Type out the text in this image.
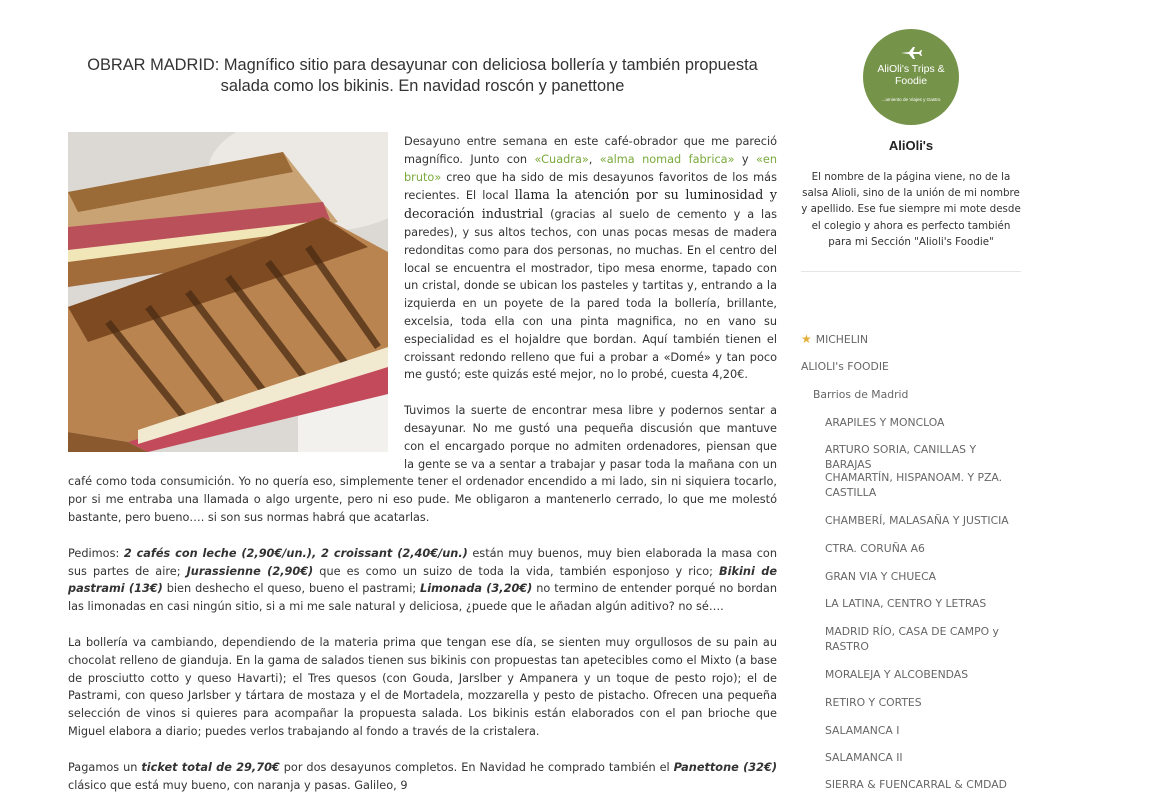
OBRAR MADRID: Magnífico sitio para desayunar con deliciosa bollería y también propuesta salada como los bikinis. En navidad roscón y panettone

Desayuno entre semana en este café-obrador que me pareció magnífico. Junto con «Cuadra», «alma nomad fabrica» y «en bruto» creo que ha sido de mis desayunos favoritos de los más recientes. El local llama la atención por su luminosidad y decoración industrial (gracias al suelo de cemento y a las paredes), y sus altos techos, con unas pocas mesas de madera redonditas como para dos personas, no muchas. En el centro del local se encuentra el mostrador, tipo mesa enorme, tapado con un cristal, donde se ubican los pasteles y tartitas y, entrando a la izquierda en un poyete de la pared toda la bollería, brillante, excelsia, toda ella con una pinta magnifica, no en vano su especialidad es el hojaldre que bordan. Aquí también tienen el croissant redondo relleno que fui a probar a «Domé» y tan poco me gustó; este quizás esté mejor, no lo probé, cuesta 4,20€.

Tuvimos la suerte de encontrar mesa libre y podernos sentar a desayunar. No me gustó una pequeña discusión que mantuve con el encargado porque no admiten ordenadores, piensan que la gente se va a sentar a trabajar y pasar toda la mañana con un café como toda consumición. Yo no quería eso, simplemente tener el ordenador encendido a mi lado, sin ni siquiera tocarlo, por si me entraba una llamada o algo urgente, pero ni eso pude. Me obligaron a mantenerlo cerrado, lo que me molestó bastante, pero bueno…. si son sus normas habrá que acatarlas.

Pedimos: 2 cafés con leche (2,90€/un.), 2 croissant (2,40€/un.) están muy buenos, muy bien elaborada la masa con sus partes de aire; Jurassienne (2,90€) que es como un suizo de toda la vida, también esponjoso y rico; Bikini de pastrami (13€) bien deshecho el queso, bueno el pastrami; Limonada (3,20€) no termino de entender porqué no bordan las limonadas en casi ningún sitio, si a mi me sale natural y deliciosa, ¿puede que le añadan algún aditivo? no sé….

La bollería va cambiando, dependiendo de la materia prima que tengan ese día, se sienten muy orgullosos de su pain au chocolat relleno de gianduja. En la gama de salados tienen sus bikinis con propuestas tan apetecibles como el Mixto (a base de prosciutto cotto y queso Havarti); el Tres quesos (con Gouda, Jarslber y Ampanera y un toque de pesto rojo); el de Pastrami, con queso Jarlsber y tártara de mostaza y el de Mortadela, mozzarella y pesto de pistacho. Ofrecen una pequeña selección de vinos si quieres para acompañar la propuesta salada. Los bikinis están elaborados con el pan brioche que Miguel elabora a diario; puedes verlos trabajando al fondo a través de la cristalera.

Pagamos un ticket total de 29,70€ por dos desayunos completos. En Navidad he comprado también el Panettone (32€) clásico que está muy bueno, con naranja y pasas. Galileo, 9

AliOli's Trips & Foodie
...amiento de Viajes y Gastro
AliOli's
El nombre de la página viene, no de la salsa Alioli, sino de la unión de mi nombre y apellido. Ese fue siempre mi mote desde el colegio y ahora es perfecto también para mi Sección "Alioli's Foodie"
★ MICHELIN
ALIOLI's FOODIE
Barrios de Madrid
ARAPILES Y MONCLOA
ARTURO SORIA, CANILLAS Y BARAJAS
CHAMARTÍN, HISPANOAM. Y PZA. CASTILLA
CHAMBERÍ, MALASAÑA Y JUSTICIA
CTRA. CORUÑA A6
GRAN VIA Y CHUECA
LA LATINA, CENTRO Y LETRAS
MADRID RÍO, CASA DE CAMPO y RASTRO
MORALEJA Y ALCOBENDAS
RETIRO Y CORTES
SALAMANCA I
SALAMANCA II
SIERRA & FUENCARRAL & CMDAD
